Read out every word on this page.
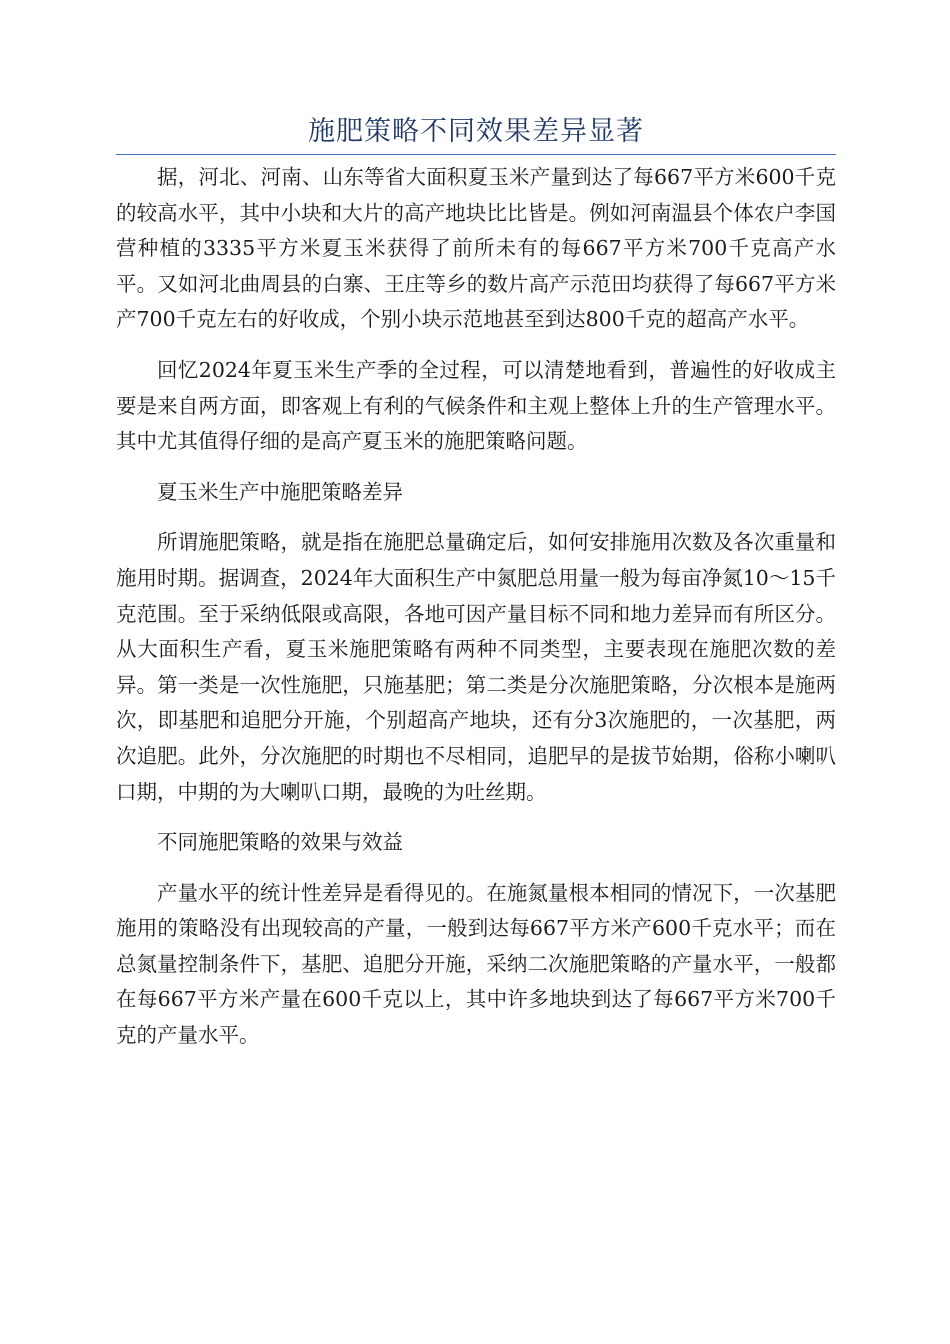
施肥策略不同效果差异显著

据，河北、河南、山东等省大面积夏玉米产量到达了每667平方米600千克的较高水平，其中小块和大片的高产地块比比皆是。例如河南温县个体农户李国营种植的3335平方米夏玉米获得了前所未有的每667平方米700千克高产水平。又如河北曲周县的白寨、王庄等乡的数片高产示范田均获得了每667平方米产700千克左右的好收成，个别小块示范地甚至到达800千克的超高产水平。

回忆2024年夏玉米生产季的全过程，可以清楚地看到，普遍性的好收成主要是来自两方面，即客观上有利的气候条件和主观上整体上升的生产管理水平。其中尤其值得仔细的是高产夏玉米的施肥策略问题。

夏玉米生产中施肥策略差异

所谓施肥策略，就是指在施肥总量确定后，如何安排施用次数及各次重量和施用时期。据调查，2024年大面积生产中氮肥总用量一般为每亩净氮10～15千克范围。至于采纳低限或高限，各地可因产量目标不同和地力差异而有所区分。从大面积生产看，夏玉米施肥策略有两种不同类型，主要表现在施肥次数的差异。第一类是一次性施肥，只施基肥；第二类是分次施肥策略，分次根本是施两次，即基肥和追肥分开施，个别超高产地块，还有分3次施肥的，一次基肥，两次追肥。此外，分次施肥的时期也不尽相同，追肥早的是拔节始期，俗称小喇叭口期，中期的为大喇叭口期，最晚的为吐丝期。

不同施肥策略的效果与效益

产量水平的统计性差异是看得见的。在施氮量根本相同的情况下，一次基肥施用的策略没有出现较高的产量，一般到达每667平方米产600千克水平；而在总氮量控制条件下，基肥、追肥分开施，采纳二次施肥策略的产量水平，一般都在每667平方米产量在600千克以上，其中许多地块到达了每667平方米700千克的产量水平。
